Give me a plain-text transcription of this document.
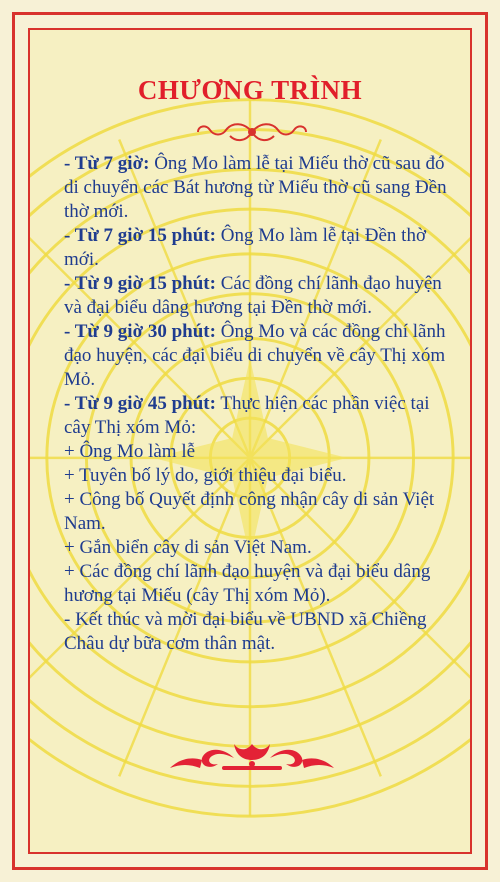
CHƯƠNG TRÌNH
- Từ 7 giờ: Ông Mo làm lễ tại Miếu thờ cũ sau đó di chuyển các Bát hương từ Miếu thờ cũ sang Đền thờ mới.
- Từ 7 giờ 15 phút: Ông Mo làm lễ tại Đền thờ mới.
- Từ 9 giờ 15 phút: Các đồng chí lãnh đạo huyện và đại biểu dâng hương tại Đền thờ mới.
- Từ 9 giờ 30 phút: Ông Mo và các đồng chí lãnh đạo huyện, các đại biểu di chuyển về cây Thị xóm Mỏ.
- Từ 9 giờ 45 phút: Thực hiện các phần việc tại cây Thị xóm Mỏ:
+ Ông Mo làm lễ
+ Tuyên bố lý do, giới thiệu đại biểu.
+ Công bố Quyết định công nhận cây di sản Việt Nam.
+ Gắn biển cây di sản Việt Nam.
+ Các đồng chí lãnh đạo huyện và đại biểu dâng hương tại Miếu (cây Thị xóm Mỏ).
- Kết thúc và mời đại biểu về UBND xã Chiềng Châu dự bữa cơm thân mật.
